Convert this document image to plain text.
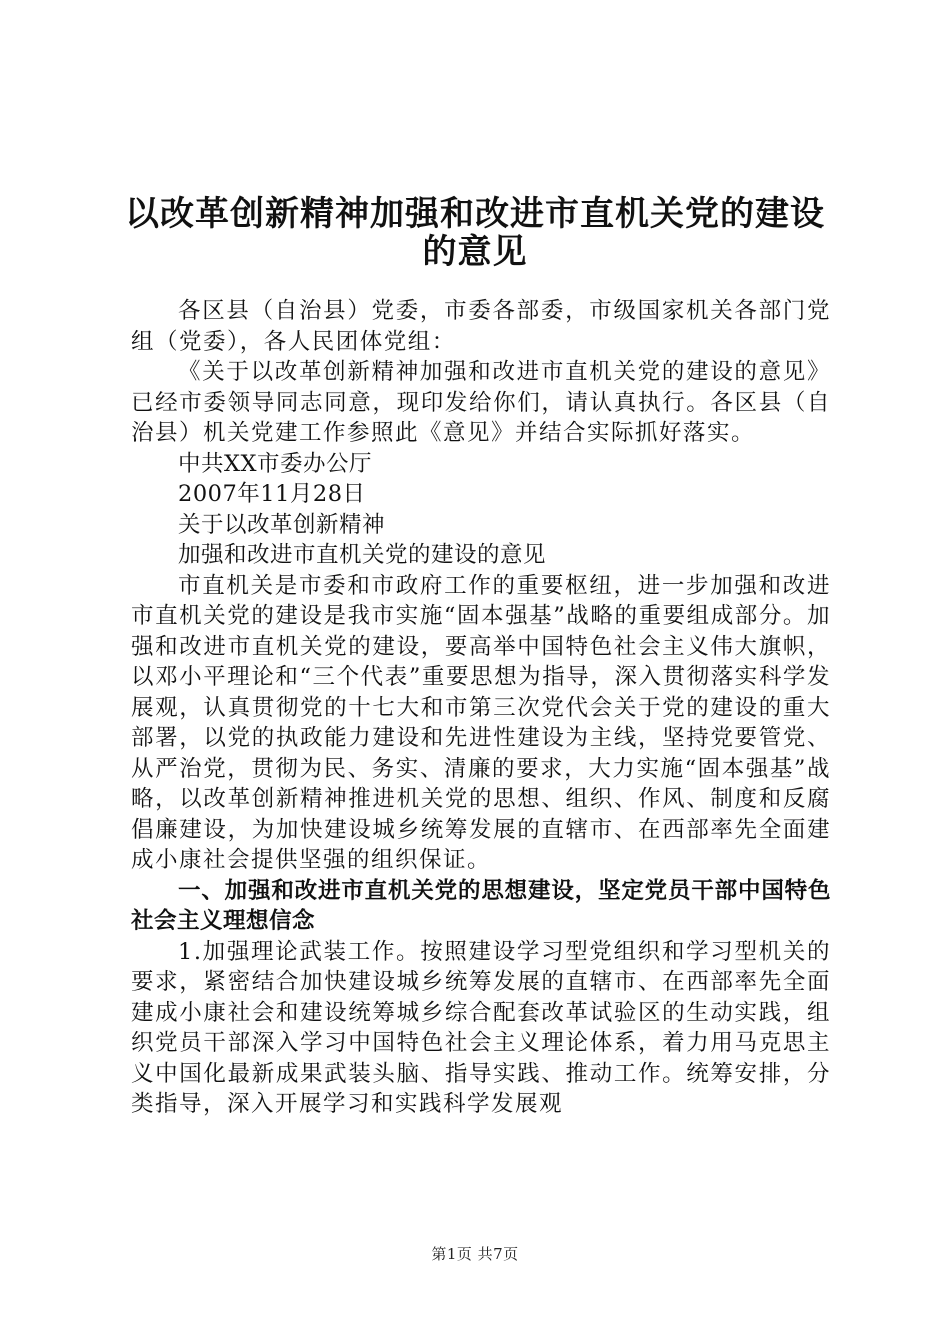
以改革创新精神加强和改进市直机关党的建设
的意见

各区县（自治县）党委，市委各部委，市级国家机关各部门党组（党委），各人民团体党组：

《关于以改革创新精神加强和改进市直机关党的建设的意见》已经市委领导同志同意，现印发给你们，请认真执行。各区县（自治县）机关党建工作参照此《意见》并结合实际抓好落实。

中共XX市委办公厅

2007年11月28日

关于以改革创新精神

加强和改进市直机关党的建设的意见

市直机关是市委和市政府工作的重要枢纽，进一步加强和改进市直机关党的建设是我市实施“固本强基”战略的重要组成部分。加强和改进市直机关党的建设，要高举中国特色社会主义伟大旗帜，以邓小平理论和“三个代表”重要思想为指导，深入贯彻落实科学发展观，认真贯彻党的十七大和市第三次党代会关于党的建设的重大部署，以党的执政能力建设和先进性建设为主线，坚持党要管党、从严治党，贯彻为民、务实、清廉的要求，大力实施“固本强基”战略，以改革创新精神推进机关党的思想、组织、作风、制度和反腐倡廉建设，为加快建设城乡统筹发展的直辖市、在西部率先全面建成小康社会提供坚强的组织保证。

一、加强和改进市直机关党的思想建设，坚定党员干部中国特色社会主义理想信念

1.加强理论武装工作。按照建设学习型党组织和学习型机关的要求，紧密结合加快建设城乡统筹发展的直辖市、在西部率先全面建成小康社会和建设统筹城乡综合配套改革试验区的生动实践，组织党员干部深入学习中国特色社会主义理论体系，着力用马克思主义中国化最新成果武装头脑、指导实践、推动工作。统筹安排，分类指导，深入开展学习和实践科学发展观

第1页 共7页
